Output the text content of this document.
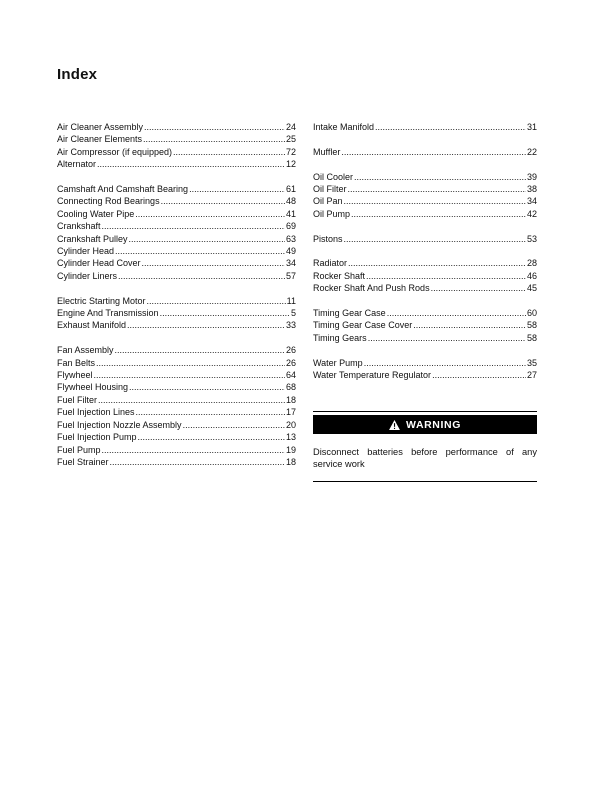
Index
Air Cleaner Assembly .....	24
Air Cleaner Elements .....	25
Air Compressor (if equipped) .....	72
Alternator .....	12
Camshaft And Camshaft Bearing .....	61
Connecting Rod Bearings .....	48
Cooling Water Pipe .....	41
Crankshaft .....	69
Crankshaft Pulley .....	63
Cylinder Head .....	49
Cylinder Head Cover .....	34
Cylinder Liners .....	57
Electric Starting Motor .....	11
Engine And Transmission .....	5
Exhaust Manifold .....	33
Fan Assembly .....	26
Fan Belts .....	26
Flywheel .....	64
Flywheel Housing .....	68
Fuel Filter .....	18
Fuel Injection Lines .....	17
Fuel Injection Nozzle Assembly .....	20
Fuel Injection Pump .....	13
Fuel Pump .....	19
Fuel Strainer .....	18
Intake Manifold .....	31
Muffler .....	22
Oil Cooler .....	39
Oil Filter .....	38
Oil Pan .....	34
Oil Pump .....	42
Pistons .....	53
Radiator .....	28
Rocker Shaft .....	46
Rocker Shaft And Push Rods .....	45
Timing Gear Case .....	60
Timing Gear Case Cover .....	58
Timing Gears .....	58
Water Pump .....	35
Water Temperature Regulator .....	27
WARNING

Disconnect batteries before performance of any service work
